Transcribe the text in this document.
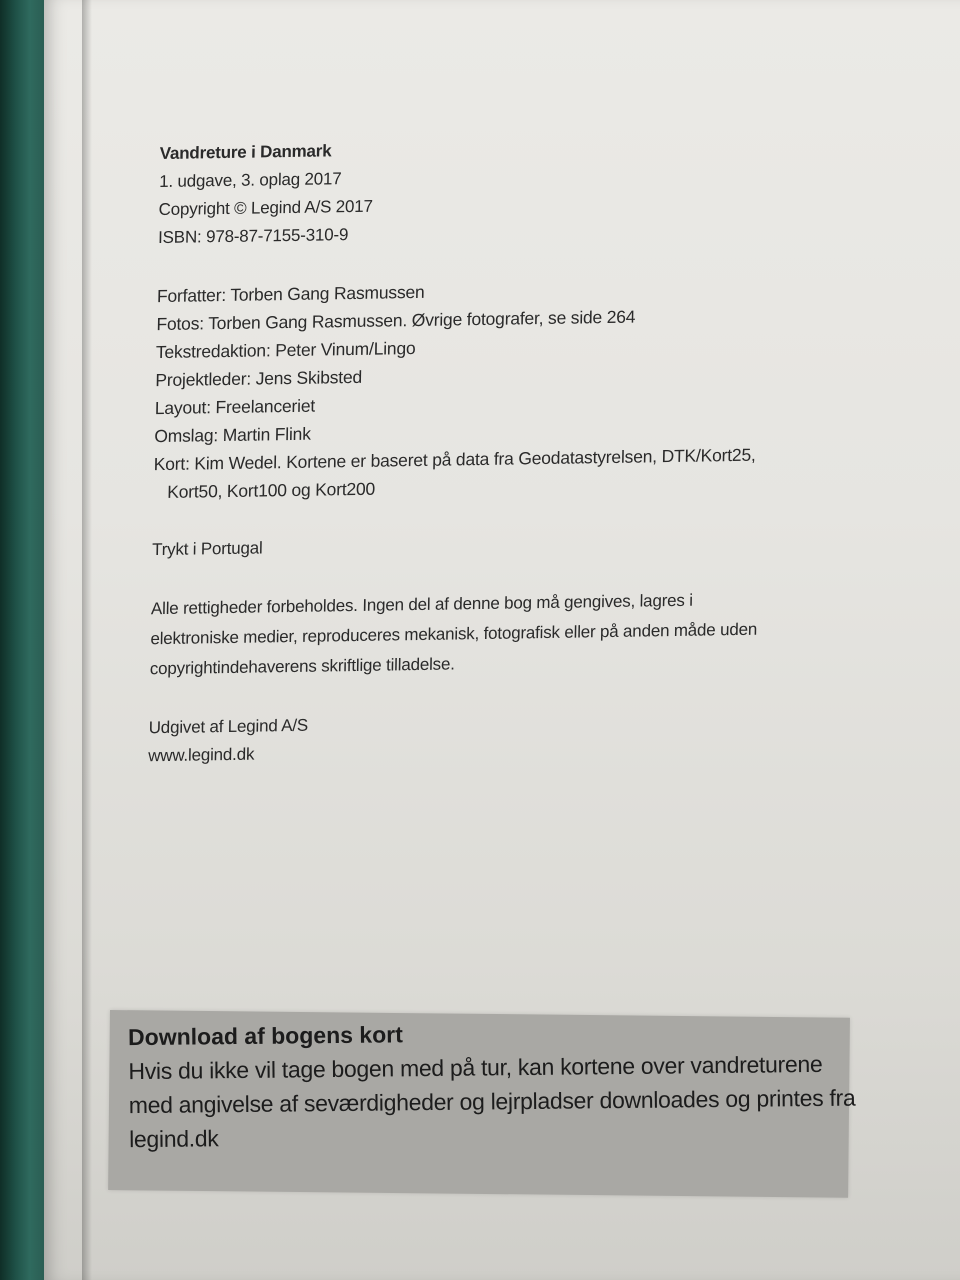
Vandreture i Danmark
1. udgave, 3. oplag 2017
Copyright © Legind A/S 2017
ISBN: 978-87-7155-310-9
Forfatter: Torben Gang Rasmussen
Fotos: Torben Gang Rasmussen. Øvrige fotografer, se side 264
Tekstredaktion: Peter Vinum/Lingo
Projektleder: Jens Skibsted
Layout: Freelanceriet
Omslag: Martin Flink
Kort: Kim Wedel. Kortene er baseret på data fra Geodatastyrelsen, DTK/Kort25,
Kort50, Kort100 og Kort200
Trykt i Portugal
Alle rettigheder forbeholdes. Ingen del af denne bog må gengives, lagres i
elektroniske medier, reproduceres mekanisk, fotografisk eller på anden måde uden
copyrightindehaverens skriftlige tilladelse.
Udgivet af Legind A/S
www.legind.dk
Download af bogens kort
Hvis du ikke vil tage bogen med på tur, kan kortene over vandreturene
med angivelse af seværdigheder og lejrpladser downloades og printes fra
legind.dk
